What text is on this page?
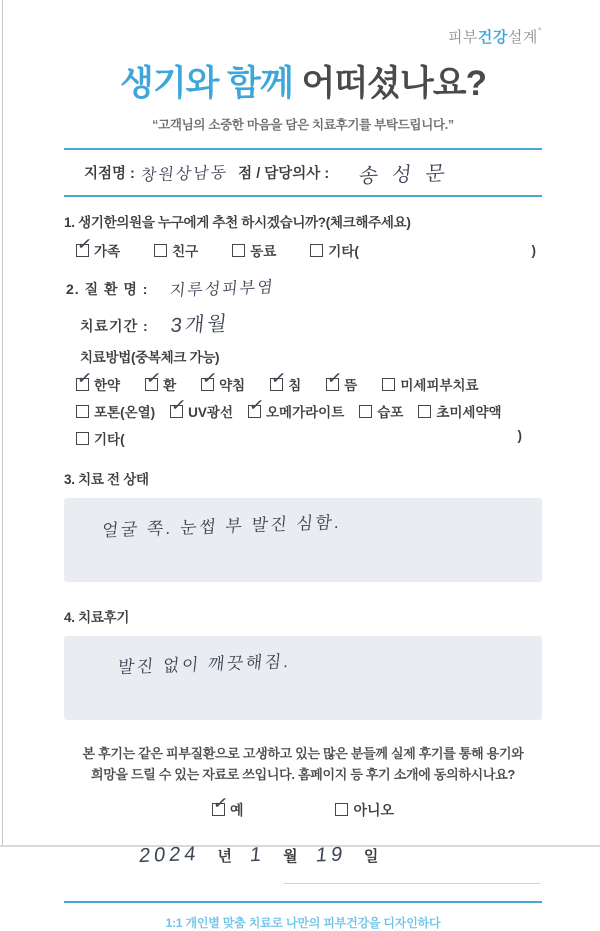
피부건강설계°
생기와 함께 어떠셨나요?
“고객님의 소중한 마음을 담은 치료후기를 부탁드립니다.”
지점명 : 창원상남동 점 /
담당의사 : 송성문
1. 생기한의원을 누구에게 추천 하시겠습니까?(체크해주세요)
✓ 가족	친구	동료	기타(	)
2. 질 환 명 : 지루성피부염
치료기간 : 3개월
치료방법(중복체크 가능)
✓ 한약 ✓ 환 ✓ 약침 ✓ 침 ✓ 뜸	미세피부치료
포톤(온열) ✓ UV광선 ✓ 오메가라이트 습포 초미세약액
기타(	)
3. 치료 전 상태
얼굴 쪽. 눈썹 부 발진 심함.
4. 치료후기
발진 없이 깨끗해짐.
본 후기는 같은 피부질환으로 고생하고 있는 많은 분들께 실제 후기를 통해 용기와
희망을 드릴 수 있는 자료로 쓰입니다. 홈페이지 등 후기 소개에 동의하시나요?
✓ 예	아니오
2024 년 1 월 19 일
1:1 개인별 맞춤 치료로 나만의 피부건강을 디자인하다
